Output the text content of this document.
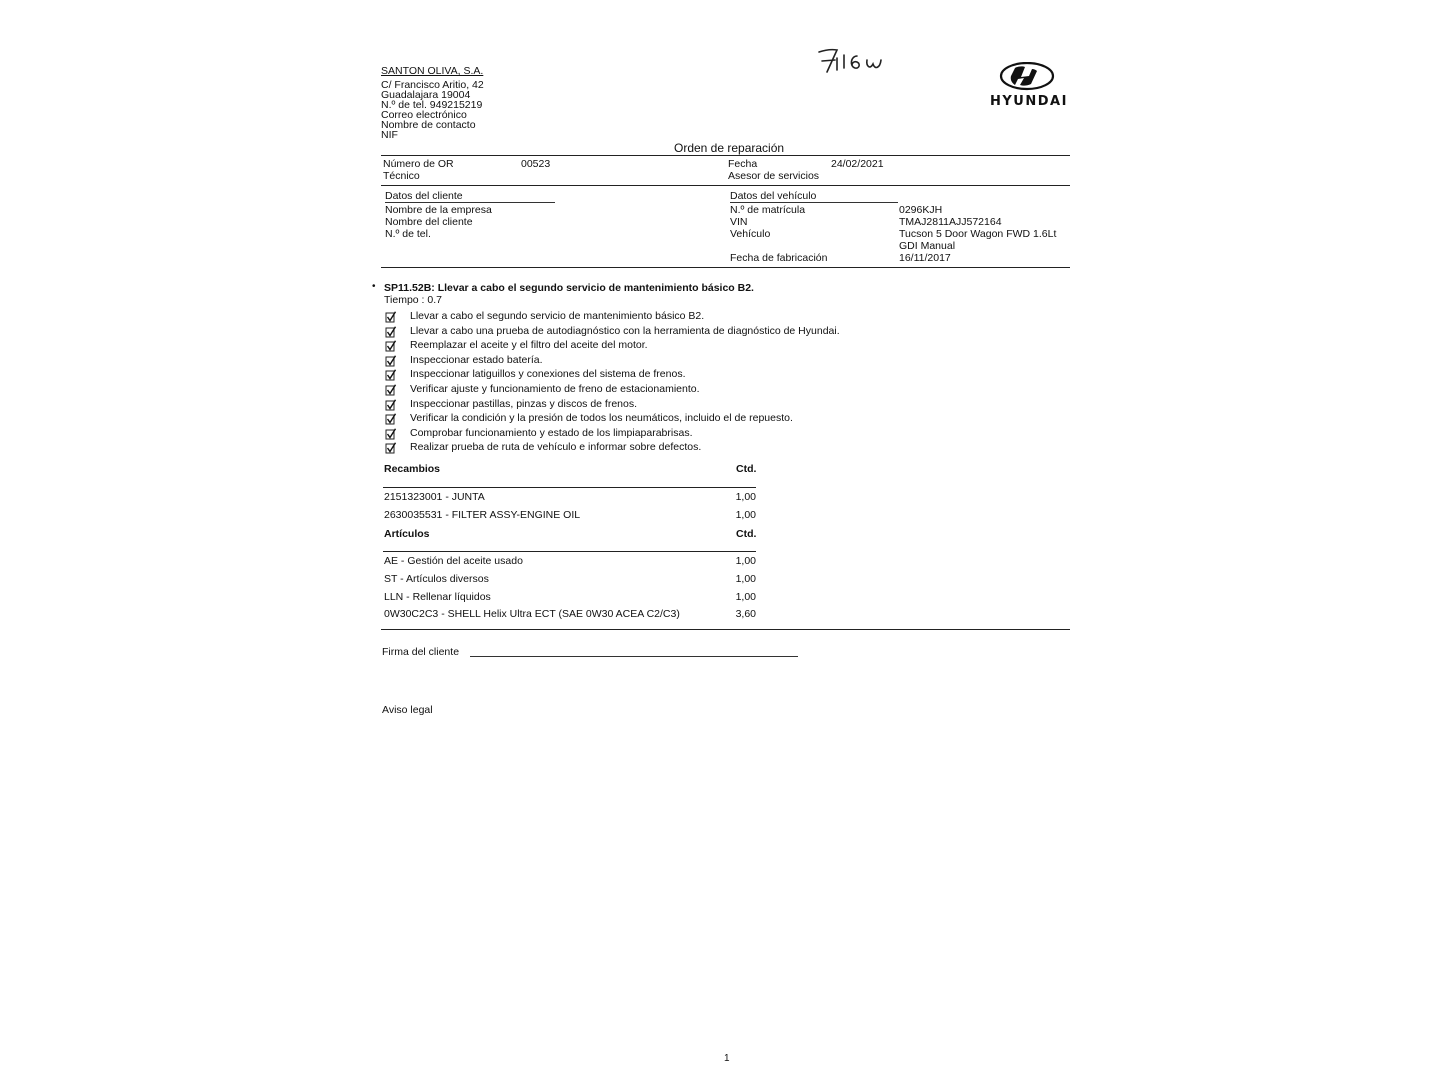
SANTON OLIVA, S.A.
C/ Francisco Aritio, 42
Guadalajara 19004
N.º de tel. 949215219
Correo electrónico
Nombre de contacto
NIF
HYUNDAI
Orden de reparación
Número de OR	00523
Técnico
Fecha	24/02/2021
Asesor de servicios
Datos del cliente
Nombre de la empresa
Nombre del cliente
N.º de tel.
Datos del vehículo
N.º de matrícula	0296KJH
VIN	TMAJ2811AJJ572164
Vehículo	Tucson 5 Door Wagon FWD 1.6Lt
GDI Manual
Fecha de fabricación	16/11/2017
• SP11.52B: Llevar a cabo el segundo servicio de mantenimiento básico B2.
Tiempo : 0.7
Llevar a cabo el segundo servicio de mantenimiento básico B2.
Llevar a cabo una prueba de autodiagnóstico con la herramienta de diagnóstico de Hyundai.
Reemplazar el aceite y el filtro del aceite del motor.
Inspeccionar estado batería.
Inspeccionar latiguillos y conexiones del sistema de frenos.
Verificar ajuste y funcionamiento de freno de estacionamiento.
Inspeccionar pastillas, pinzas y discos de frenos.
Verificar la condición y la presión de todos los neumáticos, incluido el de repuesto.
Comprobar funcionamiento y estado de los limpiaparabrisas.
Realizar prueba de ruta de vehículo e informar sobre defectos.
Recambios	Ctd.
2151323001 - JUNTA	1,00
2630035531 - FILTER ASSY-ENGINE OIL	1,00
Artículos	Ctd.
AE - Gestión del aceite usado	1,00
ST - Artículos diversos	1,00
LLN - Rellenar líquidos	1,00
0W30C2C3 - SHELL Helix Ultra ECT (SAE 0W30 ACEA C2/C3)	3,60
Firma del cliente
Aviso legal
1
